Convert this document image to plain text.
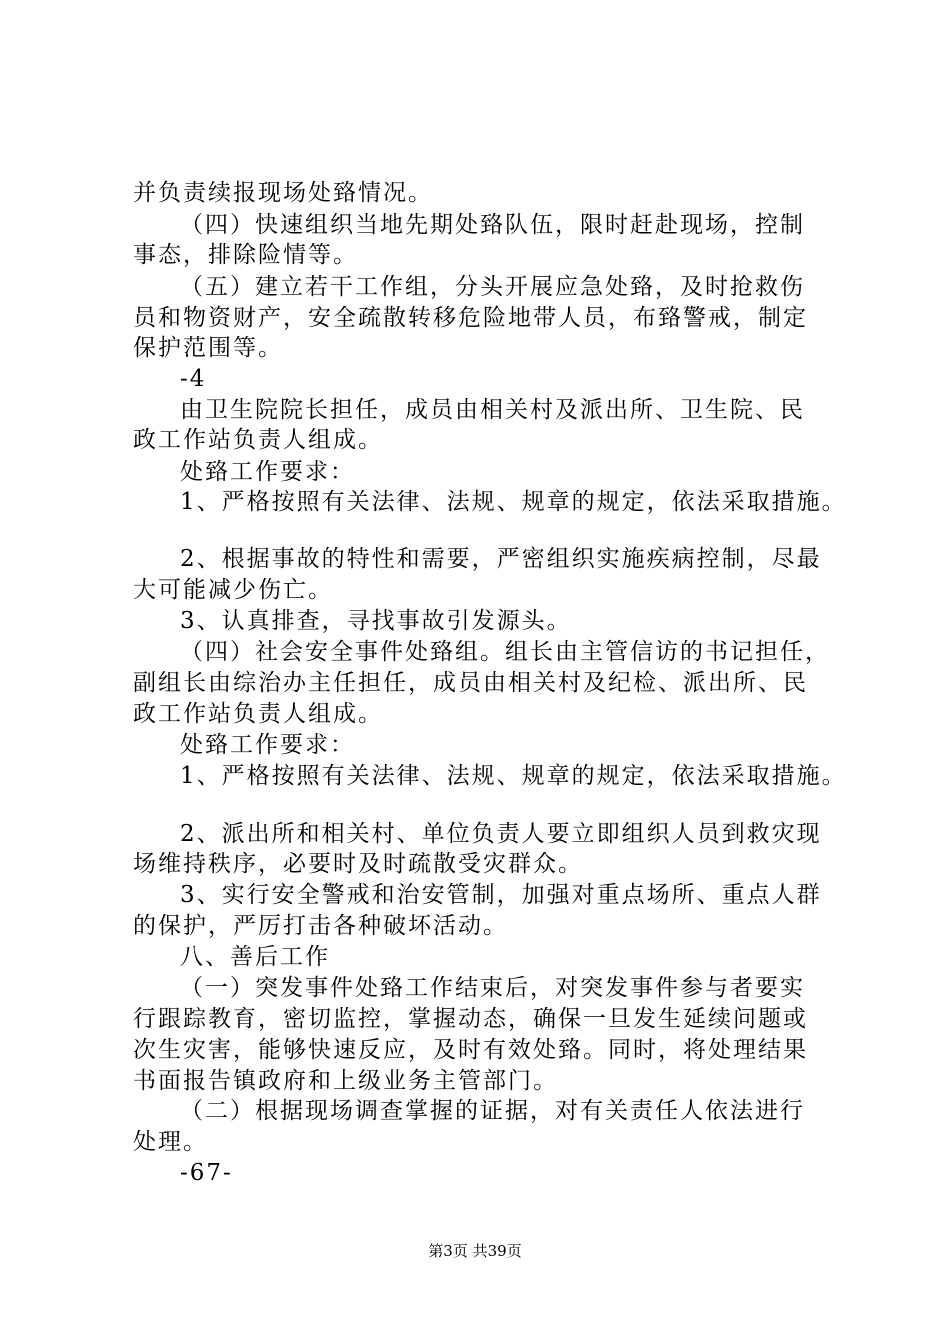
并负责续报现场处臵情况。
（四）快速组织当地先期处臵队伍，限时赶赴现场，控制
事态，排除险情等。
（五）建立若干工作组，分头开展应急处臵，及时抢救伤
员和物资财产，安全疏散转移危险地带人员，布臵警戒，制定
保护范围等。
-4
由卫生院院长担任，成员由相关村及派出所、卫生院、民
政工作站负责人组成。
处臵工作要求：
1、严格按照有关法律、法规、规章的规定，依法采取措施。
2、根据事故的特性和需要，严密组织实施疾病控制，尽最
大可能减少伤亡。
3、认真排查，寻找事故引发源头。
（四）社会安全事件处臵组。组长由主管信访的书记担任，
副组长由综治办主任担任，成员由相关村及纪检、派出所、民
政工作站负责人组成。
处臵工作要求：
1、严格按照有关法律、法规、规章的规定，依法采取措施。
2、派出所和相关村、单位负责人要立即组织人员到救灾现
场维持秩序，必要时及时疏散受灾群众。
3、实行安全警戒和治安管制，加强对重点场所、重点人群
的保护，严厉打击各种破坏活动。
八、善后工作
（一）突发事件处臵工作结束后，对突发事件参与者要实
行跟踪教育，密切监控，掌握动态，确保一旦发生延续问题或
次生灾害，能够快速反应，及时有效处臵。同时，将处理结果
书面报告镇政府和上级业务主管部门。
（二）根据现场调查掌握的证据，对有关责任人依法进行
处理。
-67-
第3页 共39页
